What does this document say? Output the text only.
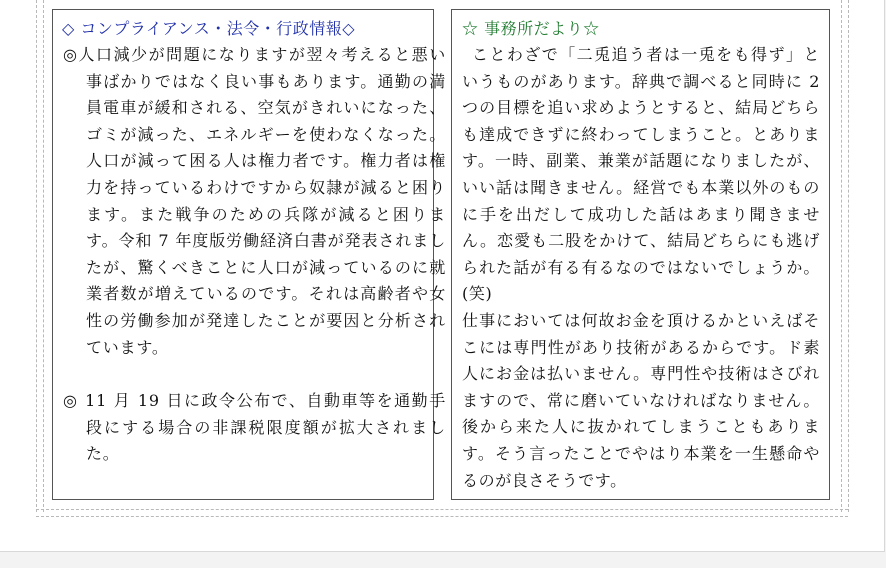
◇ コンプライアンス・法令・行政情報◇
◎人口減少が問題になりますが翌々考えると悪い事ばかりではなく良い事もあります。通勤の満員電車が緩和される、空気がきれいになった、ゴミが減った、エネルギーを使わなくなった。人口が減って困る人は権力者です。権力者は権力を持っているわけですから奴隷が減ると困ります。また戦争のための兵隊が減ると困ります。令和 7 年度版労働経済白書が発表されましたが、驚くべきことに人口が減っているのに就業者数が増えているのです。それは高齢者や女性の労働参加が発達したことが要因と分析されています。
◎ 11 月 19 日に政令公布で、自動車等を通勤手段にする場合の非課税限度額が拡大されました。
☆ 事務所だより☆
ことわざで「二兎追う者は一兎をも得ず」というものがあります。辞典で調べると同時に 2 つの目標を追い求めようとすると、結局どちらも達成できずに終わってしまうこと。とあります。一時、副業、兼業が話題になりましたが、いい話は聞きません。経営でも本業以外のものに手を出だして成功した話はあまり聞きません。恋愛も二股をかけて、結局どちらにも逃げられた話が有る有るなのではないでしょうか。(笑)
仕事においては何故お金を頂けるかといえばそこには専門性があり技術があるからです。ド素人にお金は払いません。専門性や技術はさびれますので、常に磨いていなければなりません。後から来た人に抜かれてしまうこともあります。そう言ったことでやはり本業を一生懸命やるのが良さそうです。
